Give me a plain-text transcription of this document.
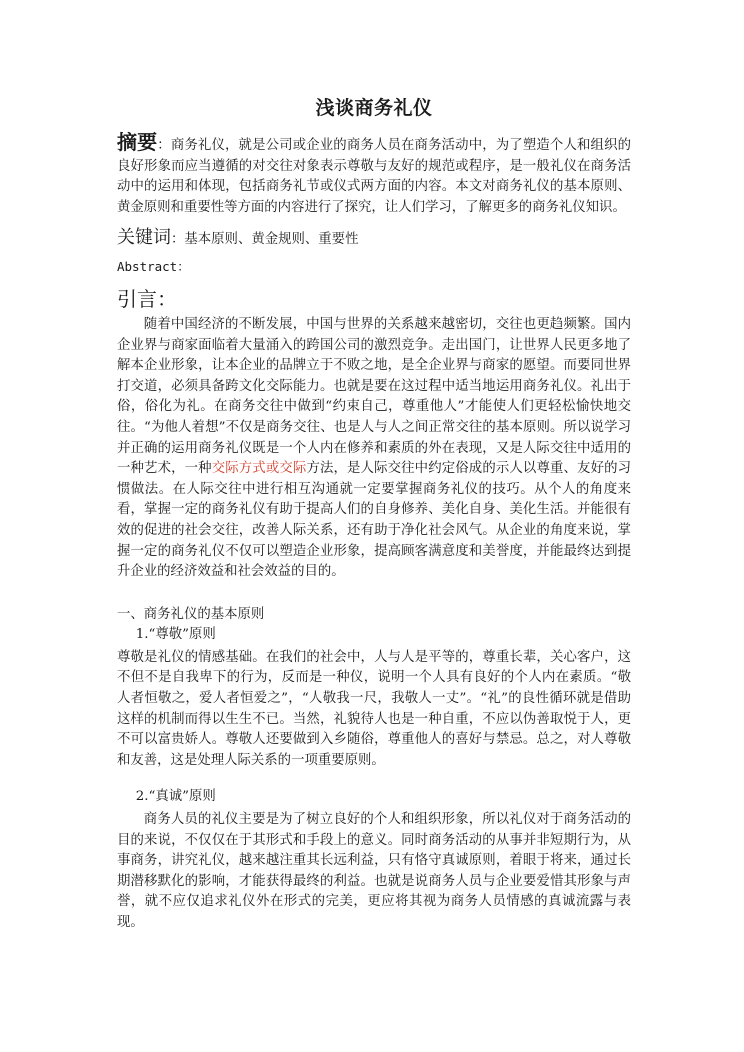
浅谈商务礼仪
摘要：商务礼仪，就是公司或企业的商务人员在商务活动中，为了塑造个人和组织的良好形象而应当遵循的对交往对象表示尊敬与友好的规范或程序，是一般礼仪在商务活动中的运用和体现，包括商务礼节或仪式两方面的内容。本文对商务礼仪的基本原则、黄金原则和重要性等方面的内容进行了探究，让人们学习，了解更多的商务礼仪知识。
关键词：基本原则、黄金规则、重要性
Abstract：
引言：

随着中国经济的不断发展，中国与世界的关系越来越密切，交往也更趋频繁。国内企业界与商家面临着大量涌入的跨国公司的激烈竞争。走出国门，让世界人民更多地了解本企业形象，让本企业的品牌立于不败之地，是全企业界与商家的愿望。而要同世界打交道，必须具备跨文化交际能力。也就是要在这过程中适当地运用商务礼仪。礼出于俗，俗化为礼。在商务交往中做到“约束自己，尊重他人”才能使人们更轻松愉快地交往。“为他人着想”不仅是商务交往、也是人与人之间正常交往的基本原则。所以说学习并正确的运用商务礼仪既是一个人内在修养和素质的外在表现，又是人际交往中适用的一种艺术，一种交际方式或交际方法，是人际交往中约定俗成的示人以尊重、友好的习惯做法。在人际交往中进行相互沟通就一定要掌握商务礼仪的技巧。从个人的角度来看，掌握一定的商务礼仪有助于提高人们的自身修养、美化自身、美化生活。并能很有效的促进的社会交往，改善人际关系，还有助于净化社会风气。从企业的角度来说，掌握一定的商务礼仪不仅可以塑造企业形象，提高顾客满意度和美誉度，并能最终达到提升企业的经济效益和社会效益的目的。

一、商务礼仪的基本原则
1.“尊敬”原则

尊敬是礼仪的情感基础。在我们的社会中，人与人是平等的，尊重长辈，关心客户，这不但不是自我卑下的行为，反而是一种仪，说明一个人具有良好的个人内在素质。“敬人者恒敬之，爱人者恒爱之”，“人敬我一尺，我敬人一丈”。“礼”的良性循环就是借助这样的机制而得以生生不已。当然，礼貌待人也是一种自重，不应以伪善取悦于人，更不可以富贵娇人。尊敬人还要做到入乡随俗，尊重他人的喜好与禁忌。总之，对人尊敬和友善，这是处理人际关系的一项重要原则。

2.“真诚”原则

商务人员的礼仪主要是为了树立良好的个人和组织形象，所以礼仪对于商务活动的目的来说，不仅仅在于其形式和手段上的意义。同时商务活动的从事并非短期行为，从事商务，讲究礼仪，越来越注重其长远利益，只有恪守真诚原则，着眼于将来，通过长期潜移默化的影响，才能获得最终的利益。也就是说商务人员与企业要爱惜其形象与声誉，就不应仅追求礼仪外在形式的完美，更应将其视为商务人员情感的真诚流露与表现。
